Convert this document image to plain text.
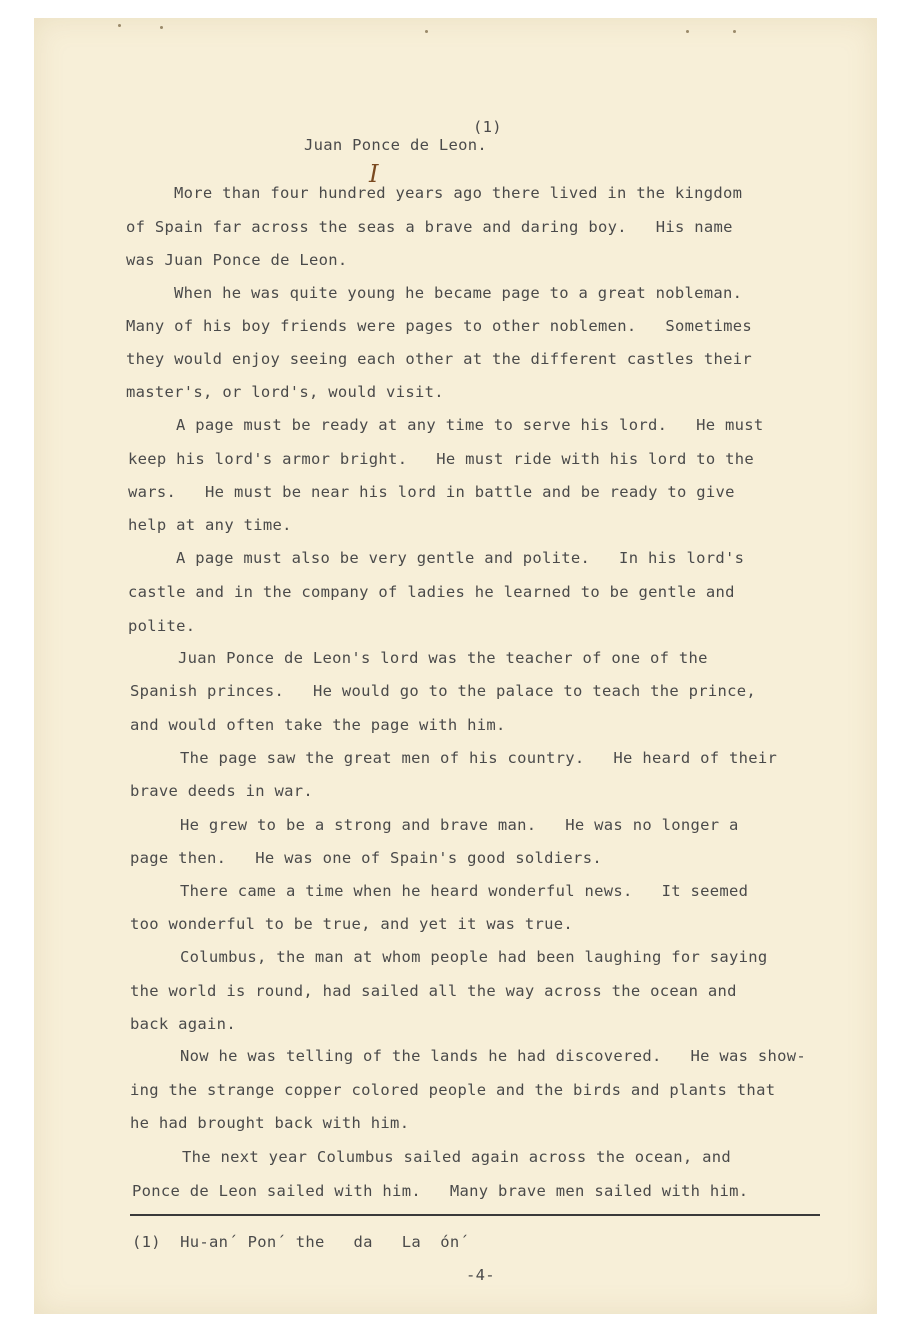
(1)
Juan Ponce de Leon.
I
More than four hundred years ago there lived in the kingdom
of Spain far across the seas a brave and daring boy.   His name
was Juan Ponce de Leon.
When he was quite young he became page to a great nobleman.
Many of his boy friends were pages to other noblemen.   Sometimes
they would enjoy seeing each other at the different castles their
master's, or lord's, would visit.
A page must be ready at any time to serve his lord.   He must
keep his lord's armor bright.   He must ride with his lord to the
wars.   He must be near his lord in battle and be ready to give
help at any time.
A page must also be very gentle and polite.   In his lord's
castle and in the company of ladies he learned to be gentle and
polite.
Juan Ponce de Leon's lord was the teacher of one of the
Spanish princes.   He would go to the palace to teach the prince,
and would often take the page with him.
The page saw the great men of his country.   He heard of their
brave deeds in war.
He grew to be a strong and brave man.   He was no longer a
page then.   He was one of Spain's good soldiers.
There came a time when he heard wonderful news.   It seemed
too wonderful to be true, and yet it was true.
Columbus, the man at whom people had been laughing for saying
the world is round, had sailed all the way across the ocean and
back again.
Now he was telling of the lands he had discovered.   He was show-
ing the strange copper colored people and the birds and plants that
he had brought back with him.
The next year Columbus sailed again across the ocean, and
Ponce de Leon sailed with him.   Many brave men sailed with him.
(1)  Hu-an´ Pon´ the   da   La  ón´
-4-
